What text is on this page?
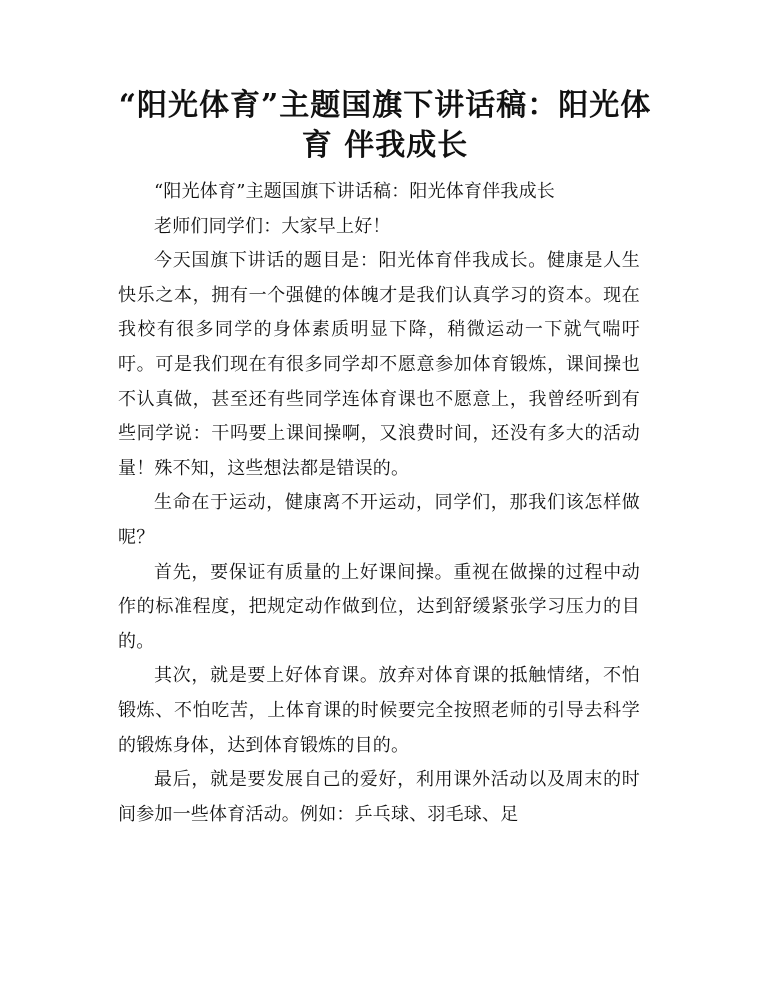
“阳光体育”主题国旗下讲话稿：阳光体育 伴我成长

“阳光体育”主题国旗下讲话稿：阳光体育伴我成长

老师们同学们：大家早上好！

今天国旗下讲话的题目是：阳光体育伴我成长。健康是人生快乐之本，拥有一个强健的体魄才是我们认真学习的资本。现在我校有很多同学的身体素质明显下降，稍微运动一下就气喘吁吁。可是我们现在有很多同学却不愿意参加体育锻炼，课间操也不认真做，甚至还有些同学连体育课也不愿意上，我曾经听到有些同学说：干吗要上课间操啊，又浪费时间，还没有多大的活动量！殊不知，这些想法都是错误的。

生命在于运动，健康离不开运动，同学们，那我们该怎样做呢？

首先，要保证有质量的上好课间操。重视在做操的过程中动作的标准程度，把规定动作做到位，达到舒缓紧张学习压力的目的。

其次，就是要上好体育课。放弃对体育课的抵触情绪，不怕锻炼、不怕吃苦，上体育课的时候要完全按照老师的引导去科学的锻炼身体，达到体育锻炼的目的。

最后，就是要发展自己的爱好，利用课外活动以及周末的时间参加一些体育活动。例如：乒乓球、羽毛球、足
